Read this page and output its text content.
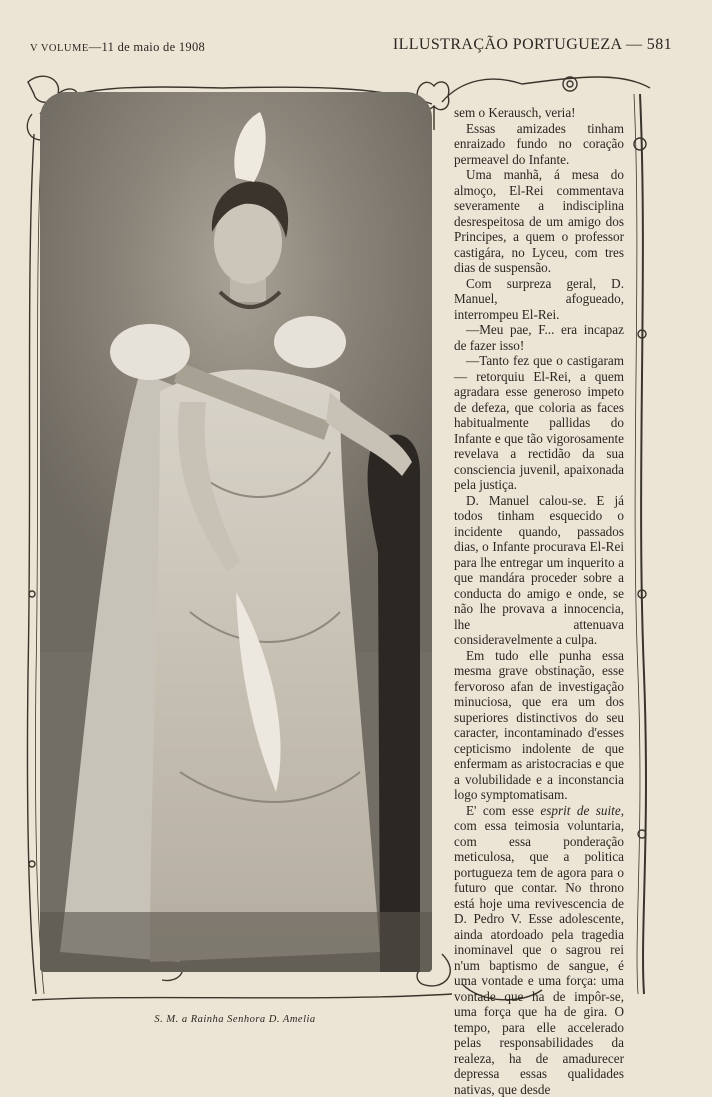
V VOLUME—11 de maio de 1908	ILLUSTRAÇÃO PORTUGUEZA — 581

sem o Kerausch, veria!

Essas amizades tinham enraizado fundo no coração permeavel do Infante.

Uma manhã, á mesa do almoço, El-Rei commentava severamente a indisciplina desrespeitosa de um amigo dos Principes, a quem o professor castigára, no Lyceu, com tres dias de suspensão.

Com surpreza geral, D. Manuel, afogueado, interrompeu El-Rei.

—Meu pae, F... era incapaz de fazer isso!

—Tanto fez que o castigaram — retorquiu El-Rei, a quem agradara esse generoso impeto de defeza, que coloria as faces habitualmente pallidas do Infante e que tão vigorosamente revelava a rectidão da sua consciencia juvenil, apaixonada pela justiça.

D. Manuel calou-se. E já todos tinham esquecido o incidente quando, passados dias, o Infante procurava El-Rei para lhe entregar um inquerito a que mandára proceder sobre a conducta do amigo e onde, se não lhe provava a innocencia, lhe attenuava consideravelmente a culpa.

Em tudo elle punha essa mesma grave obstinação, esse fervoroso afan de investigação minuciosa, que era um dos superiores distinctivos do seu caracter, incontaminado d'esses cepticismo indolente de que enfermam as aristocracias e que a volubilidade e a inconstancia logo symptomatisam.

E' com esse esprit de suite, com essa teimosia voluntaria, com essa ponderação meticulosa, que a politica portugueza tem de agora para o futuro que contar. No throno está hoje uma revivescencia de D. Pedro V. Esse adolescente, ainda atordoado pela tragedia inominavel que o sagrou rei n'um baptismo de sangue, é uma vontade e uma força: uma vontade que ha de impôr-se, uma força que ha de gira. O tempo, para elle accelerado pelas responsabilidades da realeza, ha de amadurecer depressa essas qualidades nativas, que desde

S. M. a Rainha Senhora D. Amelia
